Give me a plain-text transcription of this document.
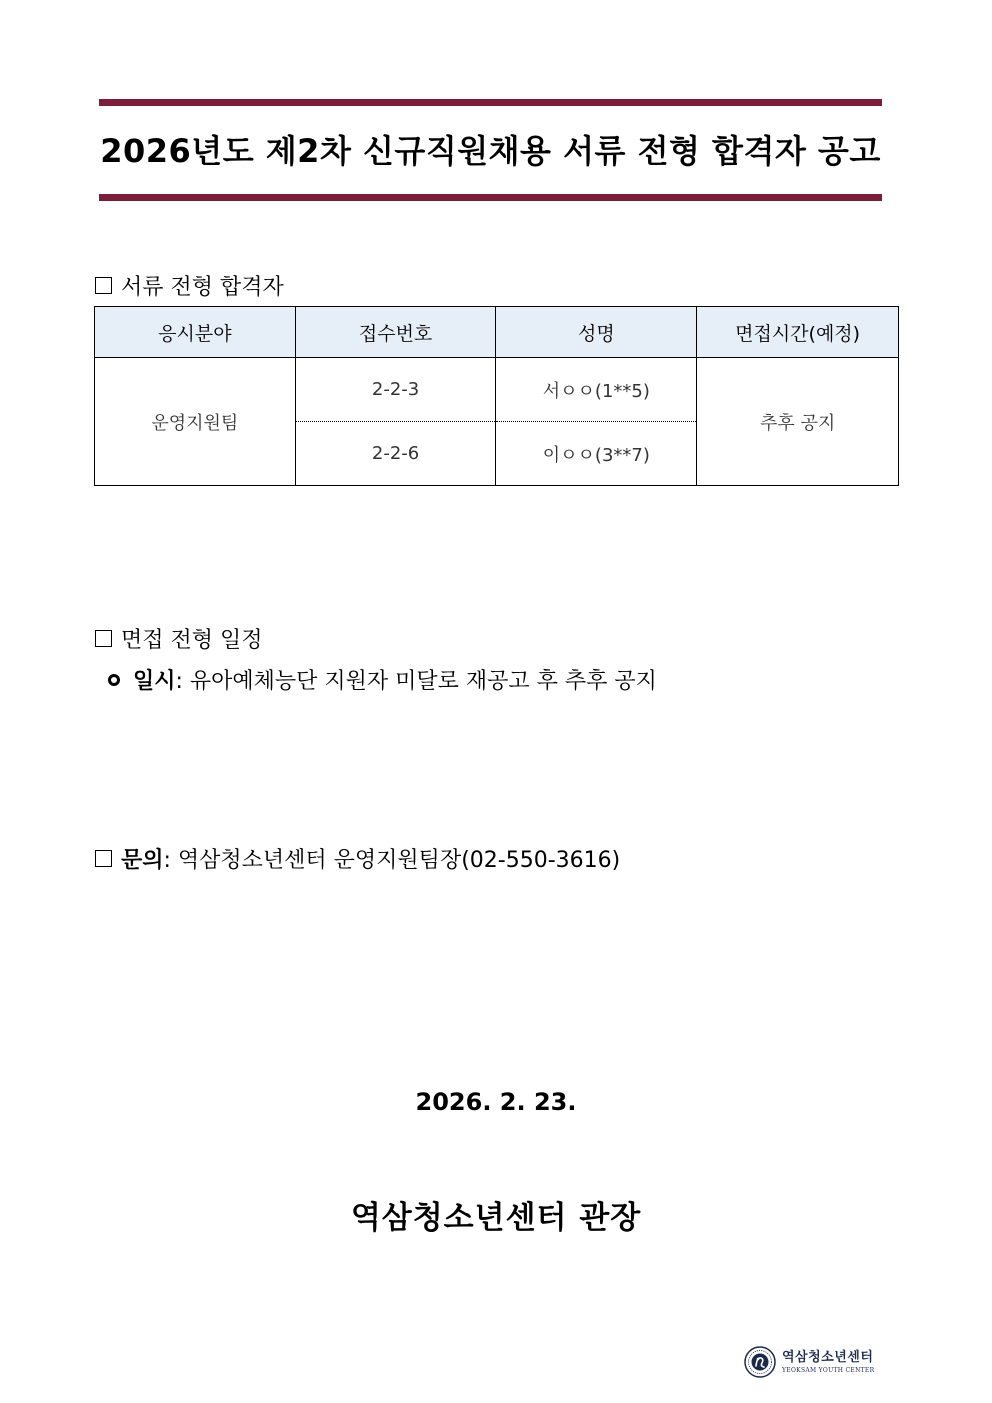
2026년도 제2차 신규직원채용 서류 전형 합격자 공고
서류 전형 합격자
응시분야	접수번호	성명	면접시간(예정)
운영지원팀	2-2-3	서ㅇㅇ(1**5)	추후 공지
	2-2-6	이ㅇㅇ(3**7)	
면접 전형 일정
일시 : 유아예체능단 지원자 미달로 재공고 후 추후 공지
문의 : 역삼청소년센터 운영지원팀장(02-550-3616)
2026. 2. 23.
역삼청소년센터 관장
역삼청소년센터
YEOKSAM YOUTH CENTER
